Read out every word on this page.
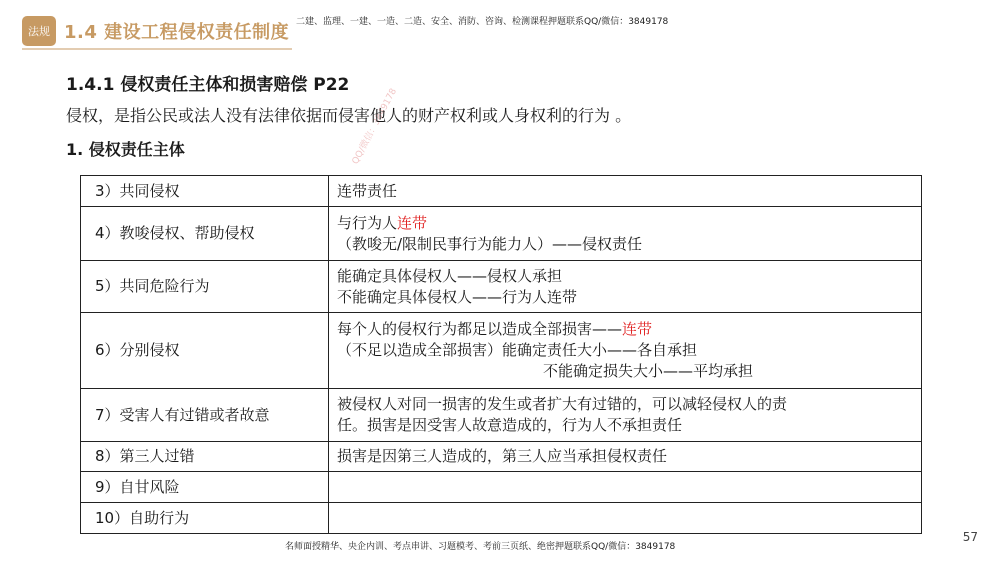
法规 1.4 建设工程侵权责任制度 二建、监理、一建、一造、二造、安全、消防、咨询、检测课程押题联系QQ/微信：3849178
QQ/微信：3849178
1.4.1 侵权责任主体和损害赔偿 P22
侵权，是指公民或法人没有法律依据而侵害他人的财产权利或人身权利的行为 。
1. 侵权责任主体
3）共同侵权	连带责任
4）教唆侵权、帮助侵权	与行为人连带
（教唆无/限制民事行为能力人）——侵权责任

5）共同危险行为	能确定具体侵权人——侵权人承担
不能确定具体侵权人——行为人连带

6）分别侵权	每个人的侵权行为都足以造成全部损害——连带
（不足以造成全部损害）能确定责任大小——各自承担
不能确定损失大小——平均承担

7）受害人有过错或者故意	被侵权人对同一损害的发生或者扩大有过错的，可以减轻侵权人的责
任。损害是因受害人故意造成的，行为人不承担责任

8）第三人过错	损害是因第三人造成的，第三人应当承担侵权责任
9）自甘风险	
10）自助行为	
名师面授精华、央企内训、考点串讲、习题模考、考前三页纸、绝密押题联系QQ/微信：3849178
57
